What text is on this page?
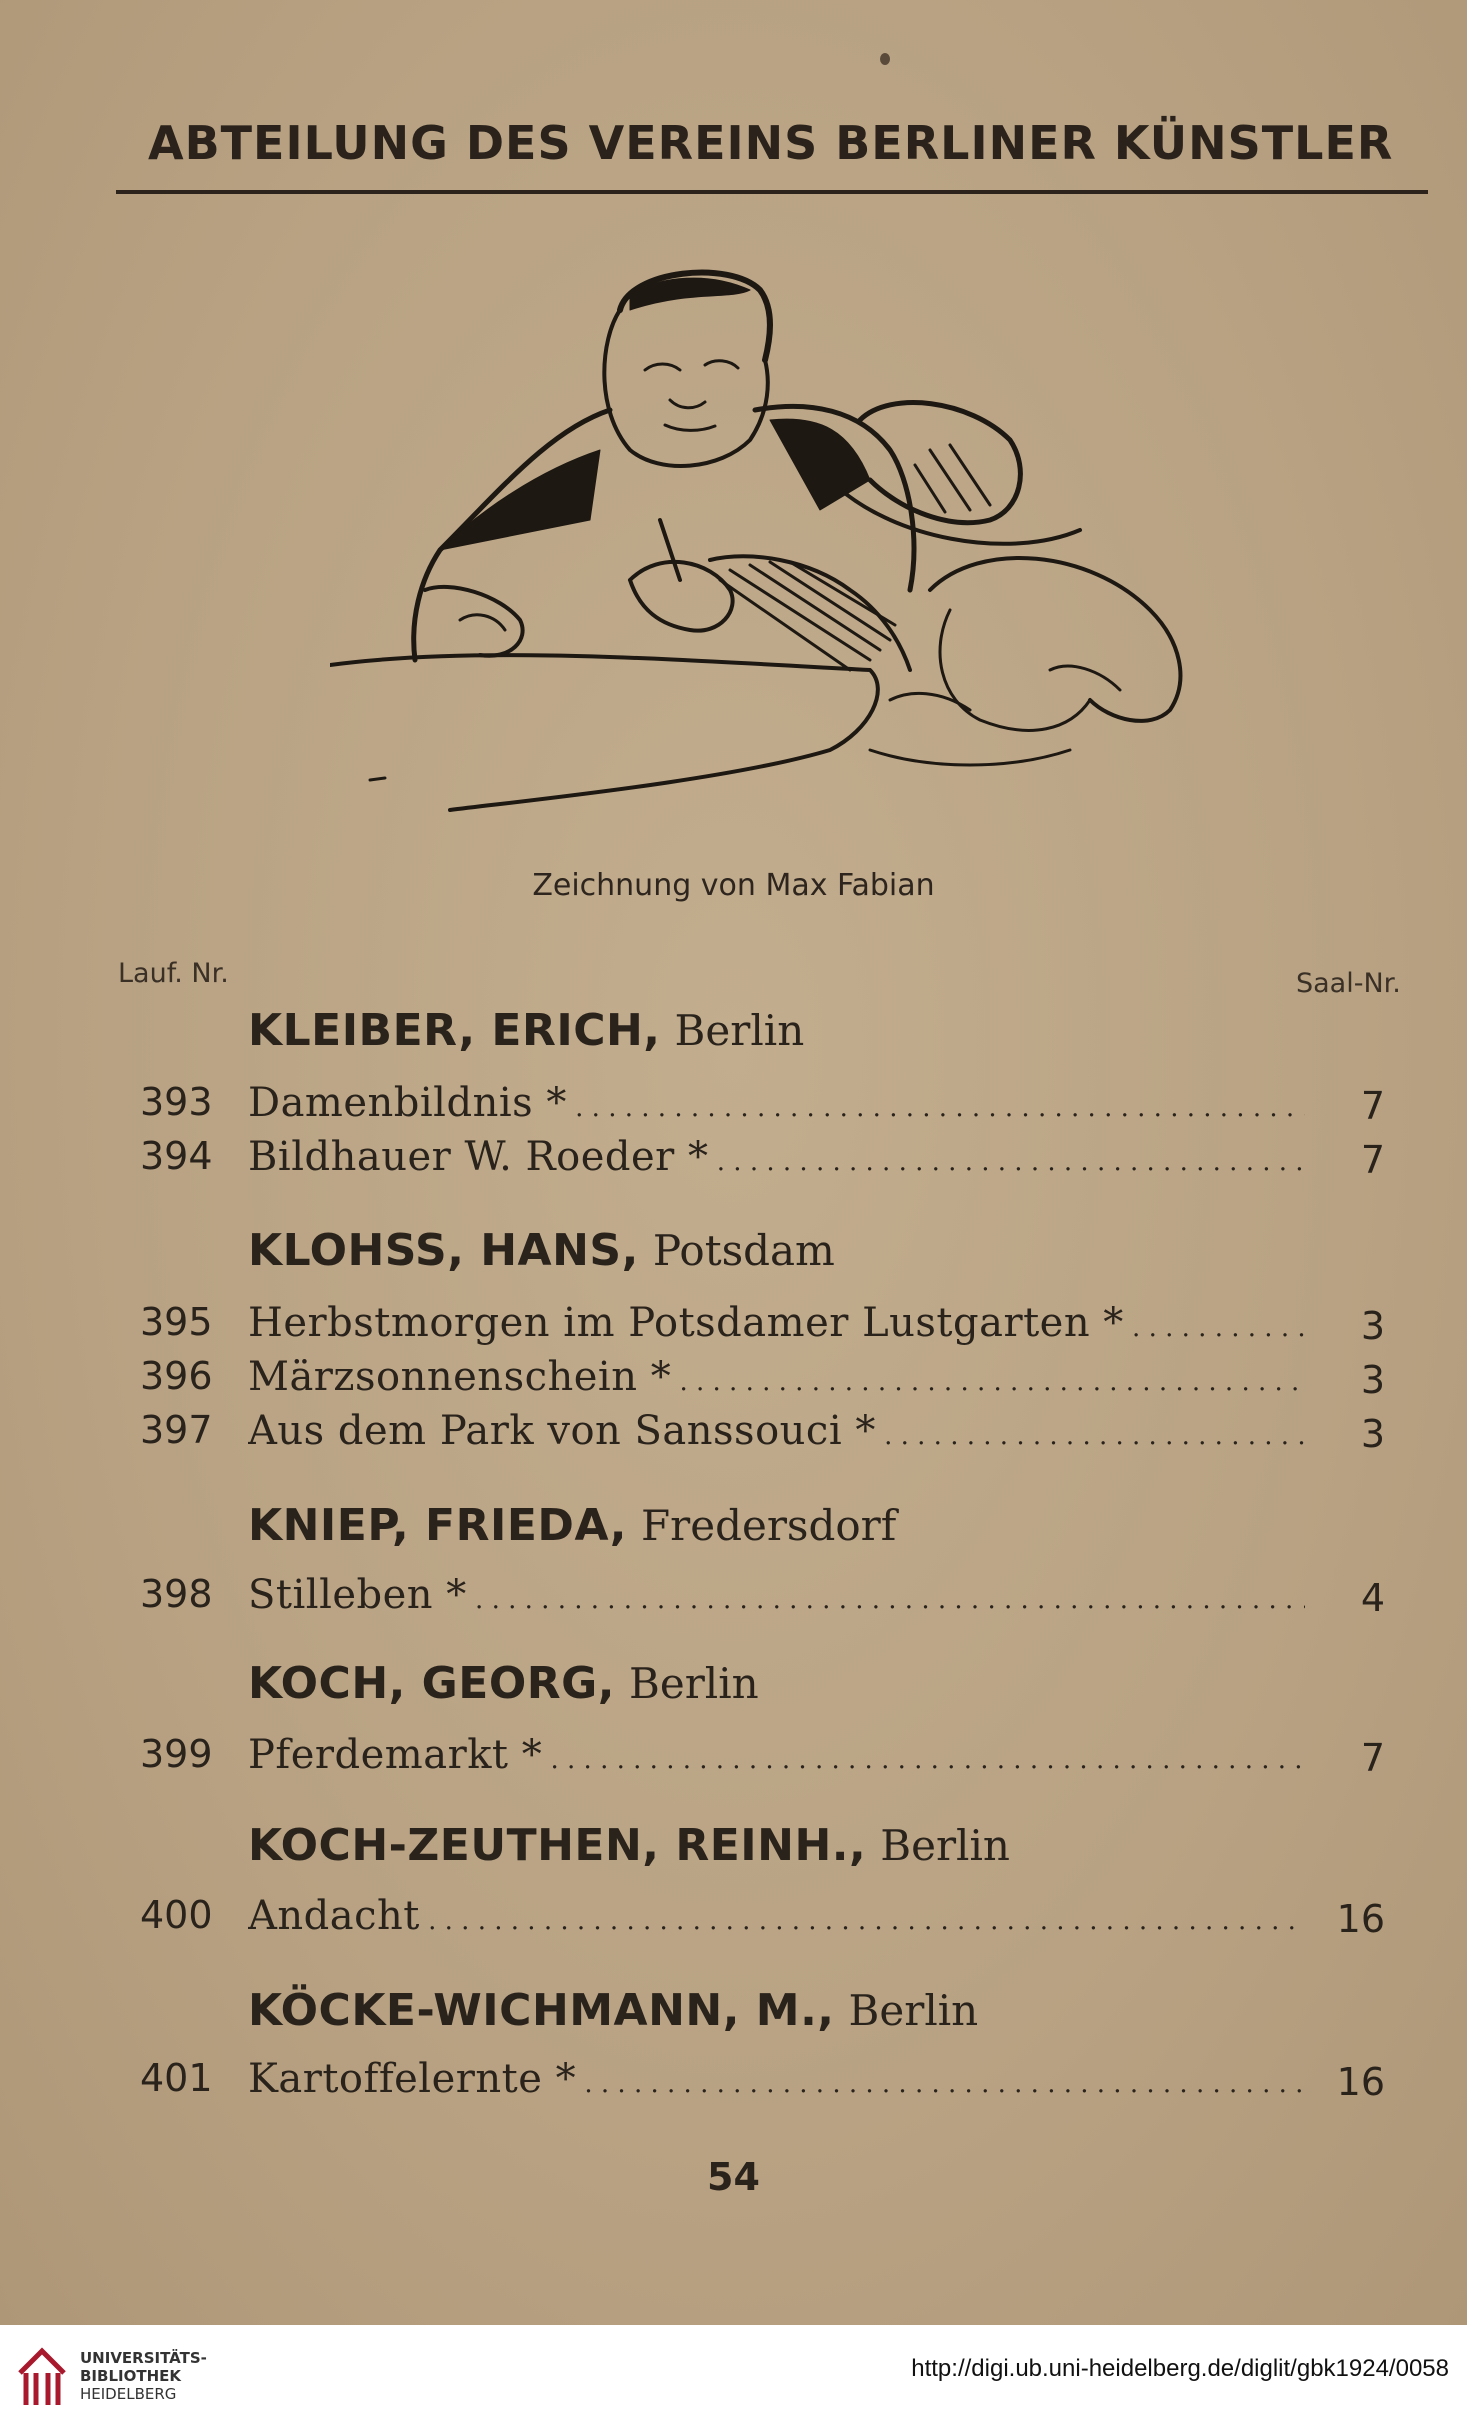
ABTEILUNG DES VEREINS BERLINER KÜNSTLER
Zeichnung von Max Fabian
Lauf. Nr.	Saal-Nr.
KLEIBER, ERICH, Berlin
393 Damenbildnis * . . .	7
394 Bildhauer W. Roeder * . . .	7
KLOHSS, HANS, Potsdam
395 Herbstmorgen im Potsdamer Lustgarten * . . .	3
396 Märzsonnenschein * . . .	3
397 Aus dem Park von Sanssouci * . . .	3
KNIEP, FRIEDA, Fredersdorf
398 Stilleben * . . .	4
KOCH, GEORG, Berlin
399 Pferdemarkt * . . .	7
KOCH-ZEUTHEN, REINH., Berlin
400 Andacht . . .	16
KÖCKE-WICHMANN, M., Berlin
401 Kartoffelernte * . . .	16
54
UNIVERSITÄTS-
BIBLIOTHEK
HEIDELBERG
http://digi.ub.uni-heidelberg.de/diglit/gbk1924/0058
